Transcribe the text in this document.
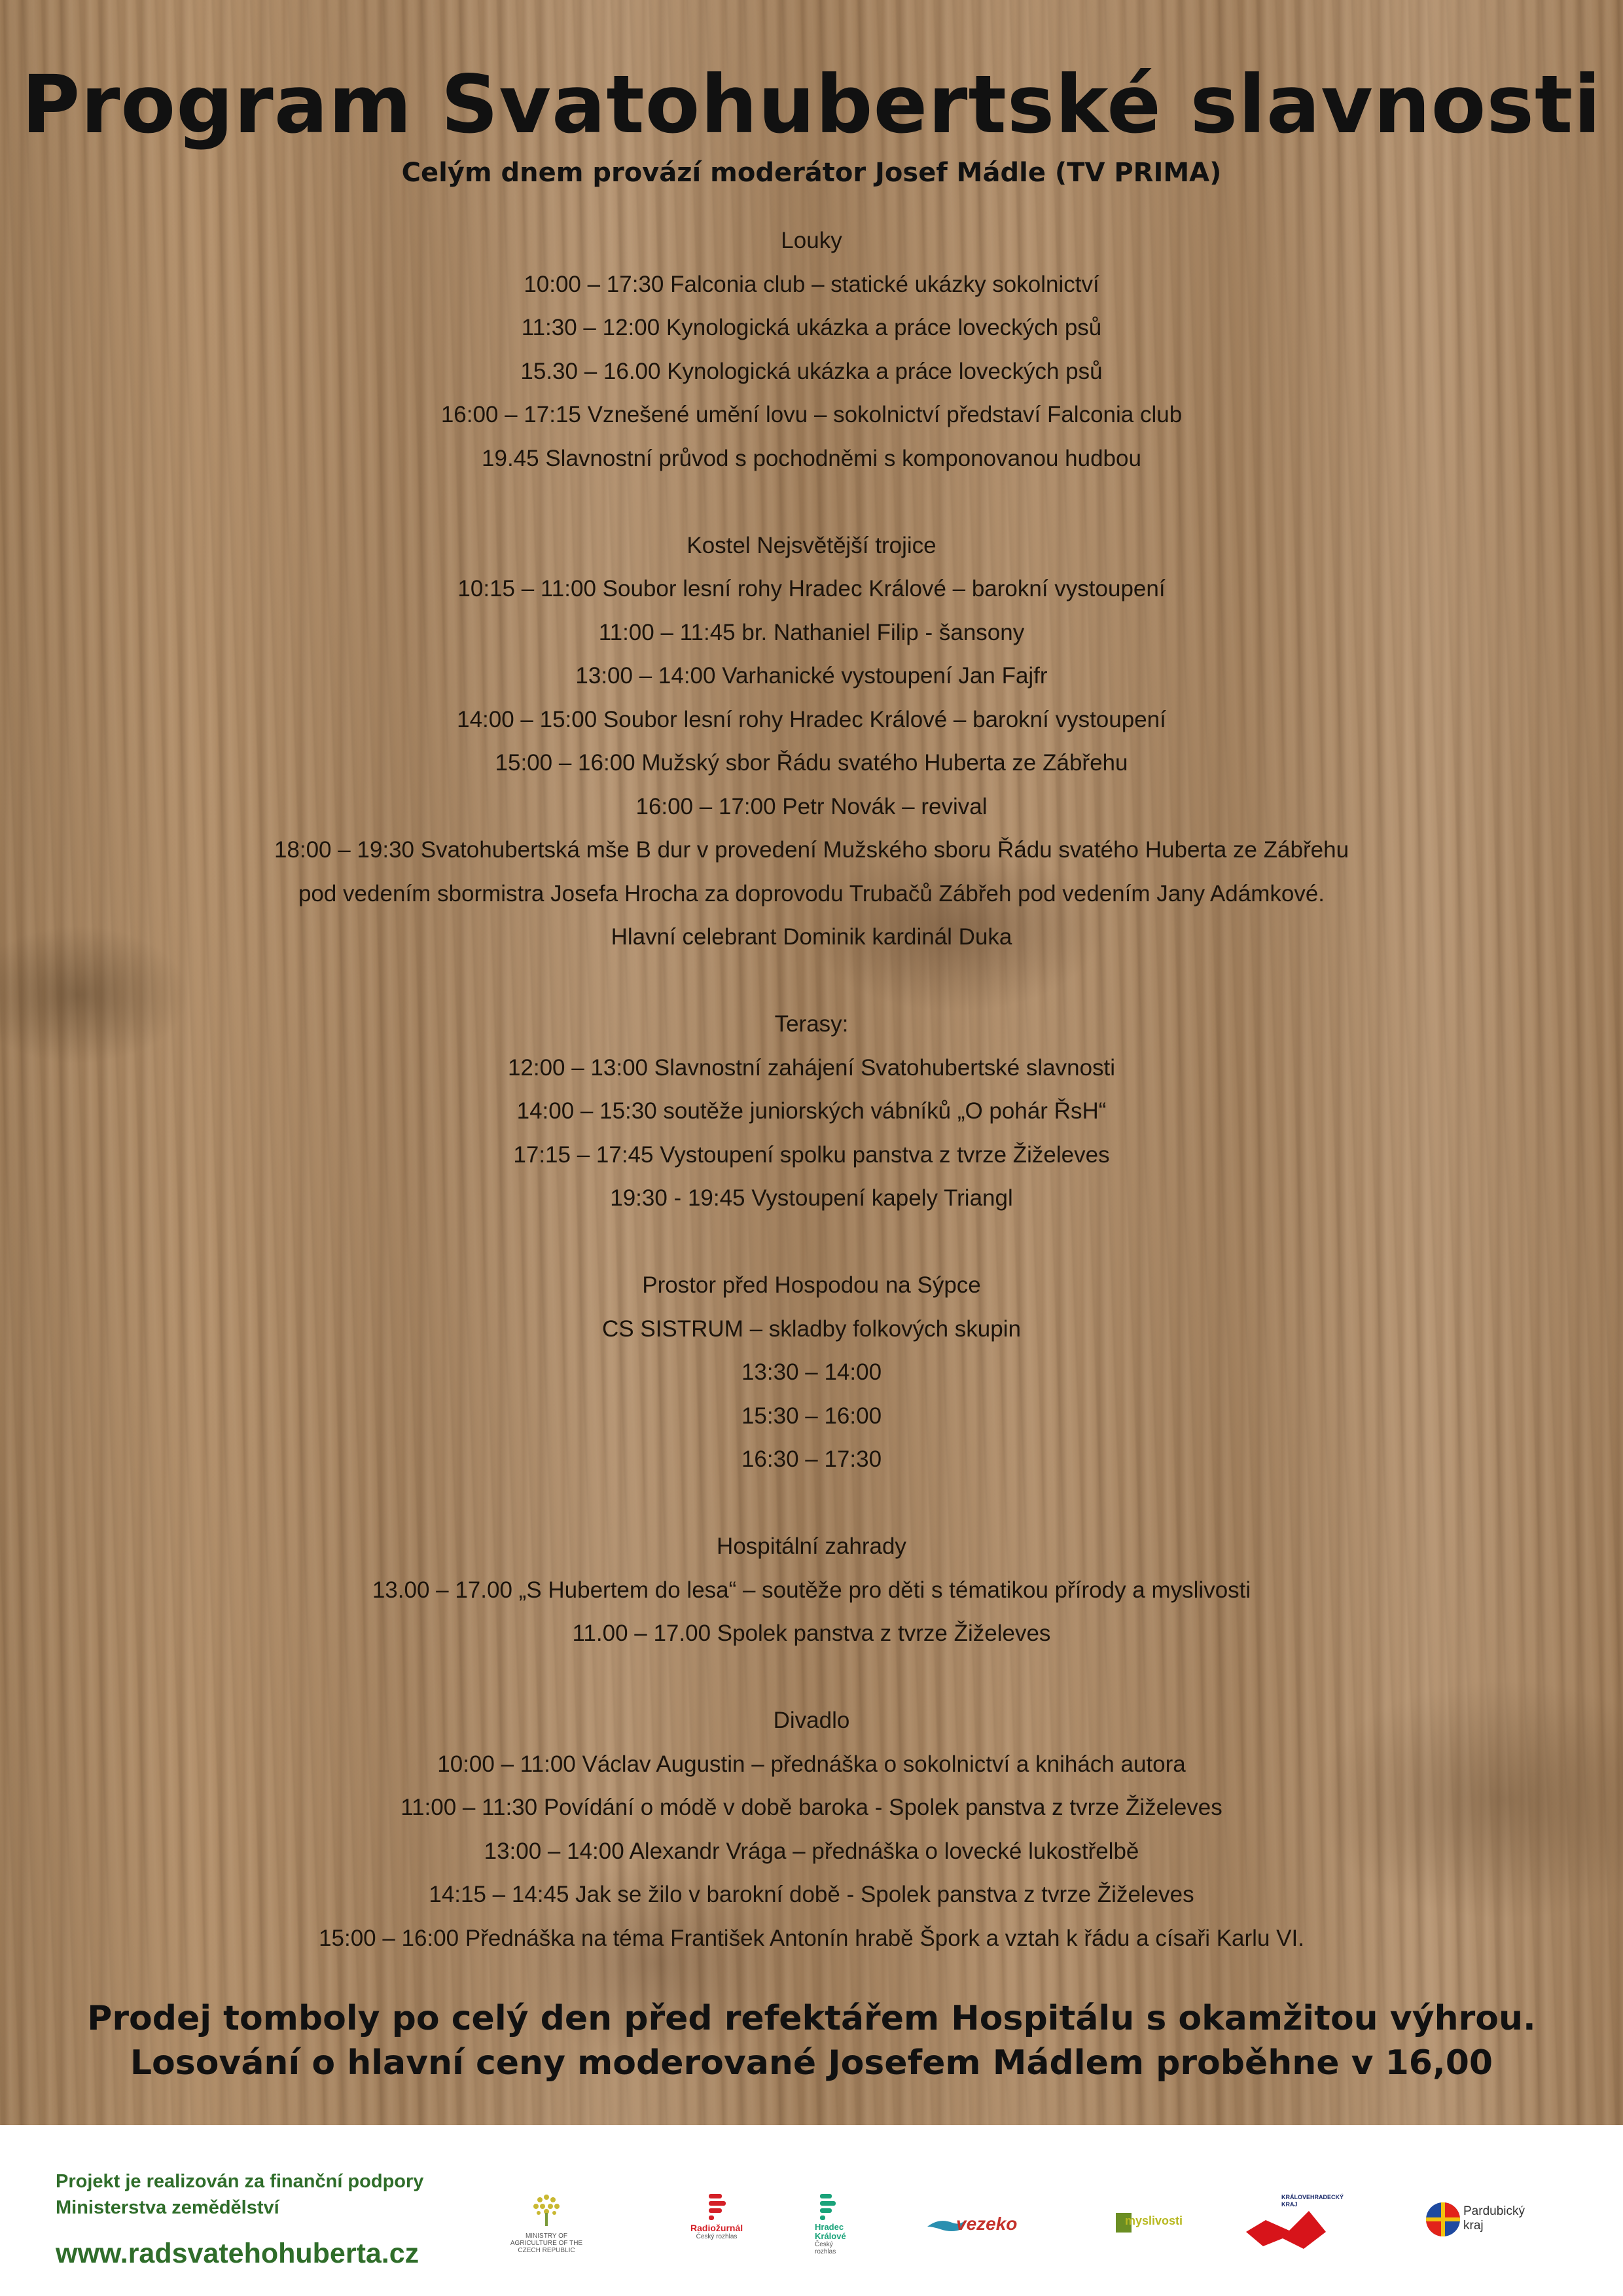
Program Svatohubertské slavnosti
Celým dnem provází moderátor Josef Mádle (TV PRIMA)
Louky
10:00 – 17:30 Falconia club – statické ukázky sokolnictví
11:30 – 12:00 Kynologická ukázka a práce loveckých psů
15.30 – 16.00 Kynologická ukázka a práce loveckých psů
16:00 – 17:15 Vznešené umění lovu – sokolnictví představí Falconia club
19.45 Slavnostní průvod s pochodněmi s komponovanou hudbou
Kostel Nejsvětější trojice
10:15 – 11:00 Soubor lesní rohy Hradec Králové – barokní vystoupení
11:00 – 11:45 br. Nathaniel Filip - šansony
13:00 – 14:00 Varhanické vystoupení Jan Fajfr
14:00 – 15:00 Soubor lesní rohy Hradec Králové – barokní vystoupení
15:00 – 16:00 Mužský sbor Řádu svatého Huberta ze Zábřehu
16:00 – 17:00 Petr Novák – revival
18:00 – 19:30 Svatohubertská mše B dur v provedení Mužského sboru Řádu svatého Huberta ze Zábřehu
pod vedením sbormistra Josefa Hrocha za doprovodu Trubačů Zábřeh pod vedením Jany Adámkové.
Hlavní celebrant Dominik kardinál Duka
Terasy:
12:00 – 13:00 Slavnostní zahájení Svatohubertské slavnosti
14:00 – 15:30 soutěže juniorských vábníků „O pohár ŘsH“
17:15 – 17:45 Vystoupení spolku panstva z tvrze Žiželeves
19:30 - 19:45 Vystoupení kapely Triangl
Prostor před Hospodou na Sýpce
CS SISTRUM – skladby folkových skupin
13:30 – 14:00
15:30 – 16:00
16:30 – 17:30
Hospitální zahrady
13.00 – 17.00 „S Hubertem do lesa“ – soutěže pro děti s tématikou přírody a myslivosti
11.00 – 17.00 Spolek panstva z tvrze Žiželeves
Divadlo
10:00 – 11:00 Václav Augustin – přednáška o sokolnictví a knihách autora
11:00 – 11:30 Povídání o módě v době baroka - Spolek panstva z tvrze Žiželeves
13:00 – 14:00 Alexandr Vrága – přednáška o lovecké lukostřelbě
14:15 – 14:45 Jak se žilo v barokní době - Spolek panstva z tvrze Žiželeves
15:00 – 16:00 Přednáška na téma František Antonín hrabě Špork a vztah k řádu a císaři Karlu VI.
Prodej tomboly po celý den před refektářem Hospitálu s okamžitou výhrou.
Losování o hlavní ceny moderované Josefem Mádlem proběhne v 16,00
Projekt je realizován za finanční podpory
Ministerstva zemědělství
www.radsvatehohuberta.cz
MINISTRY OF AGRICULTURE OF THE CZECH REPUBLIC
Radiožurnál
Český rozhlas
Hradec Králové
Český rozhlas
vezeko	myslivosti
KRÁLOVEHRADECKÝ KRAJ	Pardubický kraj
